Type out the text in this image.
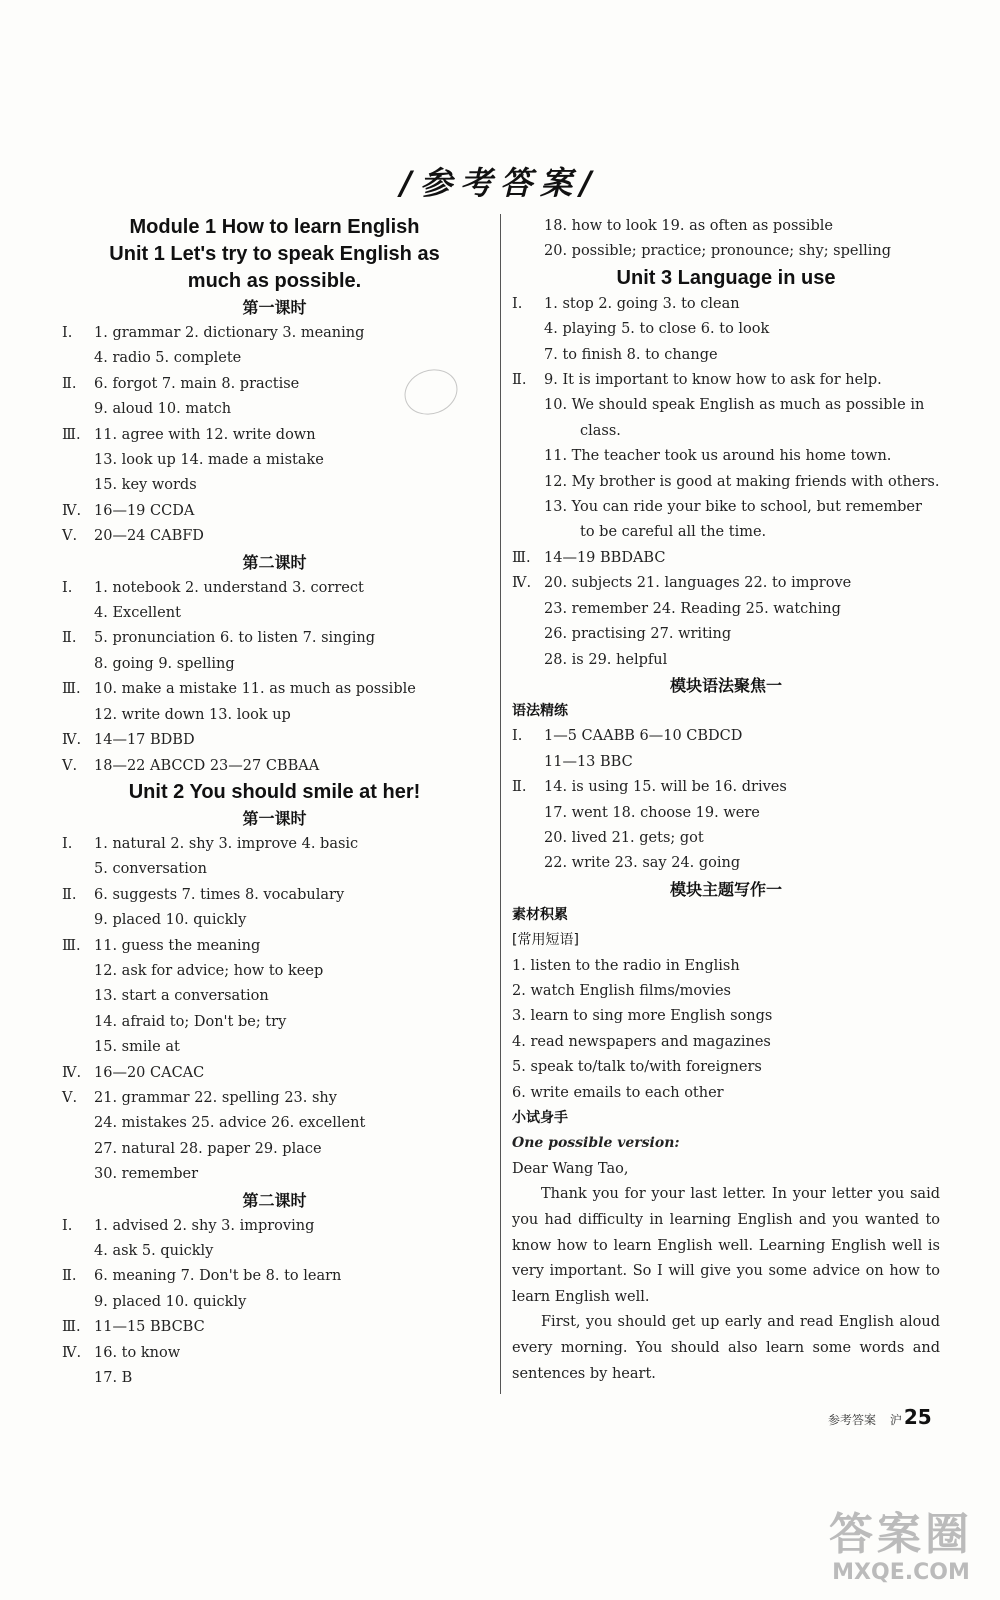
/参考答案/
Module 1 How to learn English
Unit 1 Let's try to speak English as
much as possible.
第一课时
Ⅰ.	1. grammar 2. dictionary 3. meaning
4. radio 5. complete
Ⅱ.	6. forgot 7. main 8. practise
9. aloud 10. match
Ⅲ. 11. agree with 12. write down
13. look up 14. made a mistake
15. key words
Ⅳ. 16—19 CCDA
Ⅴ.	20—24 CABFD
第二课时
Ⅰ.	1. notebook 2. understand 3. correct
4. Excellent
Ⅱ.	5. pronunciation 6. to listen 7. singing
8. going 9. spelling
Ⅲ. 10. make a mistake 11. as much as possible
12. write down 13. look up
Ⅳ. 14—17 BDBD
Ⅴ.	18—22 ABCCD 23—27 CBBAA
Unit 2 You should smile at her!
第一课时
Ⅰ.	1. natural 2. shy 3. improve 4. basic
5. conversation
Ⅱ.	6. suggests 7. times 8. vocabulary
9. placed 10. quickly
Ⅲ. 11. guess the meaning
12. ask for advice; how to keep
13. start a conversation
14. afraid to; Don't be; try
15. smile at
Ⅳ. 16—20 CACAC
Ⅴ.	21. grammar 22. spelling 23. shy
24. mistakes 25. advice 26. excellent
27. natural 28. paper 29. place
30. remember
第二课时
Ⅰ.	1. advised 2. shy 3. improving
4. ask 5. quickly
Ⅱ.	6. meaning 7. Don't be 8. to learn
9. placed 10. quickly
Ⅲ. 11—15 BBCBC
Ⅳ. 16. to know
17. B
18. how to look 19. as often as possible
20. possible; practice; pronounce; shy; spelling
Unit 3 Language in use
Ⅰ.	1. stop 2. going 3. to clean
4. playing 5. to close 6. to look
7. to finish 8. to change
Ⅱ.	9. It is important to know how to ask for help.
10. We should speak English as much as possible in class.
11. The teacher took us around his home town.
12. My brother is good at making friends with others.
13. You can ride your bike to school, but remember to be careful all the time.
Ⅲ. 14—19 BBDABC
Ⅳ. 20. subjects 21. languages 22. to improve
23. remember 24. Reading 25. watching
26. practising 27. writing
28. is 29. helpful
模块语法聚焦一
语法精练
Ⅰ.	1—5 CAABB 6—10 CBDCD
11—13 BBC
Ⅱ.	14. is using 15. will be 16. drives
17. went 18. choose 19. were
20. lived 21. gets; got
22. write 23. say 24. going
模块主题写作一
素材积累
[常用短语]
1. listen to the radio in English
2. watch English films/movies
3. learn to sing more English songs
4. read newspapers and magazines
5. speak to/talk to/with foreigners
6. write emails to each other
小试身手
One possible version:

Dear Wang Tao,

Thank you for your last letter. In your letter you said you had difficulty in learning English and you wanted to know how to learn English well. Learning English well is very important. So I will give you some advice on how to learn English well.

First, you should get up early and read English aloud every morning. You should also learn some words and sentences by heart.

参考答案 沪 25
答案圈
MXQE.COM
